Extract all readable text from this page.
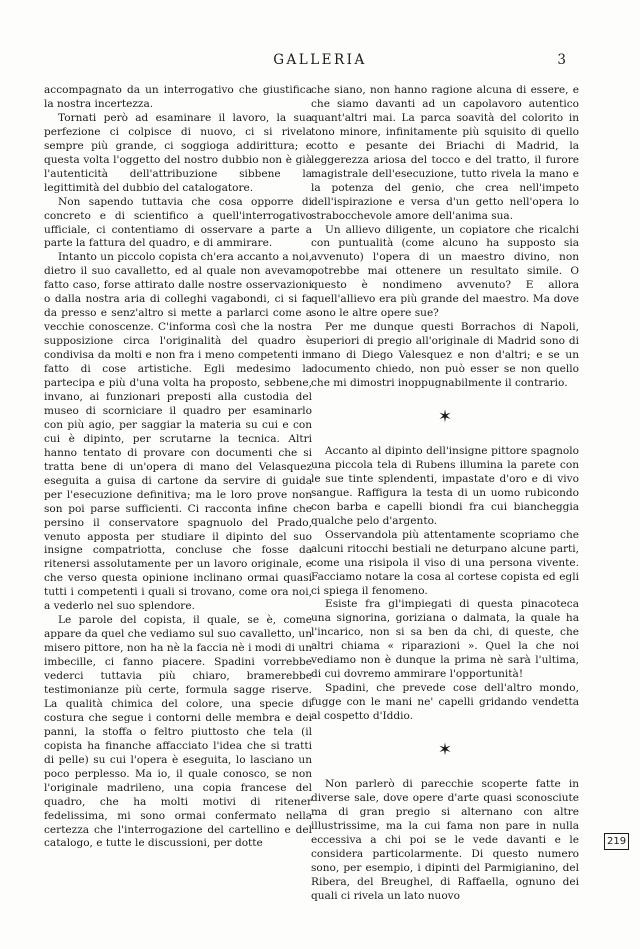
GALLERIA	3

accompagnato da un interrogativo che giustifica la nostra incertezza.

Tornati però ad esaminare il lavoro, la sua perfezione ci colpisce di nuovo, ci si rivela sempre più grande, ci soggioga addirittura; e questa volta l'oggetto del nostro dubbio non è già l'autenticità dell'attribuzione sibbene la legittimità del dubbio del catalogatore.

Non sapendo tuttavia che cosa opporre di concreto e di scientifico a quell'interrogativo ufficiale, ci contentiamo di osservare a parte a parte la fattura del quadro, e di ammirare.

Intanto un piccolo copista ch'era accanto a noi, dietro il suo cavalletto, ed al quale non avevamo fatto caso, forse attirato dalle nostre osservazioni o dalla nostra aria di colleghi vagabondi, ci si fa da presso e senz'altro si mette a parlarci come a vecchie conoscenze. C'informa così che la nostra supposizione circa l'originalità del quadro è condivisa da molti e non fra i meno competenti in fatto di cose artistiche. Egli medesimo la partecipa e più d'una volta ha proposto, sebbene, invano, ai funzionari preposti alla custodia del museo di scorniciare il quadro per esaminarlo con più agio, per saggiar la materia su cui e con cui è dipinto, per scrutarne la tecnica. Altri hanno tentato di provare con documenti che si tratta bene di un'opera di mano del Velasquez eseguita a guisa di cartone da servire di guida per l'esecuzione definitiva; ma le loro prove non son poi parse sufficienti. Ci racconta infine che persino il conservatore spagnuolo del Prado, venuto apposta per studiare il dipinto del suo insigne compatriotta, concluse che fosse da ritenersi assolutamente per un lavoro originale, e che verso questa opinione inclinano ormai quasi tutti i competenti i quali si trovano, come ora noi, a vederlo nel suo splendore.

Le parole del copista, il quale, se è, come appare da quel che vediamo sul suo cavalletto, un misero pittore, non ha nè la faccia nè i modi di un imbecille, ci fanno piacere. Spadini vorrebbe vederci tuttavia più chiaro, bramerebbe testimonianze più certe, formula sagge riserve. La qualità chimica del colore, una specie di costura che segue i contorni delle membra e dei panni, la stoffa o feltro piuttosto che tela (il copista ha finanche affacciato l'idea che si tratti di pelle) su cui l'opera è eseguita, lo lasciano un poco perplesso. Ma io, il quale conosco, se non l'originale madrileno, una copia francese del quadro, che ha molti motivi di ritener fedelissima, mi sono ormai confermato nella certezza che l'interrogazione del cartellino e del catalogo, e tutte le discussioni, per dotte

che siano, non hanno ragione alcuna di essere, e che siamo davanti ad un capolavoro autentico quant'altri mai. La parca soavità del colorito in tono minore, infinitamente più squisito di quello cotto e pesante dei Briachi di Madrid, la leggerezza ariosa del tocco e del tratto, il furore magistrale dell'esecuzione, tutto rivela la mano e la potenza del genio, che crea nell'impeto dell'ispirazione e versa d'un getto nell'opera lo strabocchevole amore dell'anima sua.

Un allievo diligente, un copiatore che ricalchi con puntualità (come alcuno ha supposto sia avvenuto) l'opera di un maestro divino, non potrebbe mai ottenere un resultato simile. O questo è nondimeno avvenuto? E allora quell'allievo era più grande del maestro. Ma dove sono le altre opere sue?

Per me dunque questi Borrachos di Napoli, superiori di pregio all'originale di Madrid sono di mano di Diego Valesquez e non d'altri; e se un documento chiedo, non può esser se non quello che mi dimostri inoppugnabilmente il contrario.

✶

Accanto al dipinto dell'insigne pittore spagnolo una piccola tela di Rubens illumina la parete con le sue tinte splendenti, impastate d'oro e di vivo sangue. Raffigura la testa di un uomo rubicondo con barba e capelli biondi fra cui biancheggia qualche pelo d'argento.

Osservandola più attentamente scopriamo che alcuni ritocchi bestiali ne deturpano alcune parti, come una risipola il viso di una persona vivente. Facciamo notare la cosa al cortese copista ed egli ci spiega il fenomeno.

Esiste fra gl'impiegati di questa pinacoteca una signorina, goriziana o dalmata, la quale ha l'incarico, non si sa ben da chi, di queste, che altri chiama « riparazioni ». Quel la che noi vediamo non è dunque la prima nè sarà l'ultima, di cui dovremo ammirare l'opportunità!

Spadini, che prevede cose dell'altro mondo, fugge con le mani ne' capelli gridando vendetta al cospetto d'Iddio.

✶

Non parlerò di parecchie scoperte fatte in diverse sale, dove opere d'arte quasi sconosciute ma di gran pregio si alternano con altre illustrissime, ma la cui fama non pare in nulla eccessiva a chi poi se le vede davanti e le considera particolarmente. Di questo numero sono, per esempio, i dipinti del Parmigianino, del Ribera, del Breughel, di Raffaella, ognuno dei quali ci rivela un lato nuovo

219
